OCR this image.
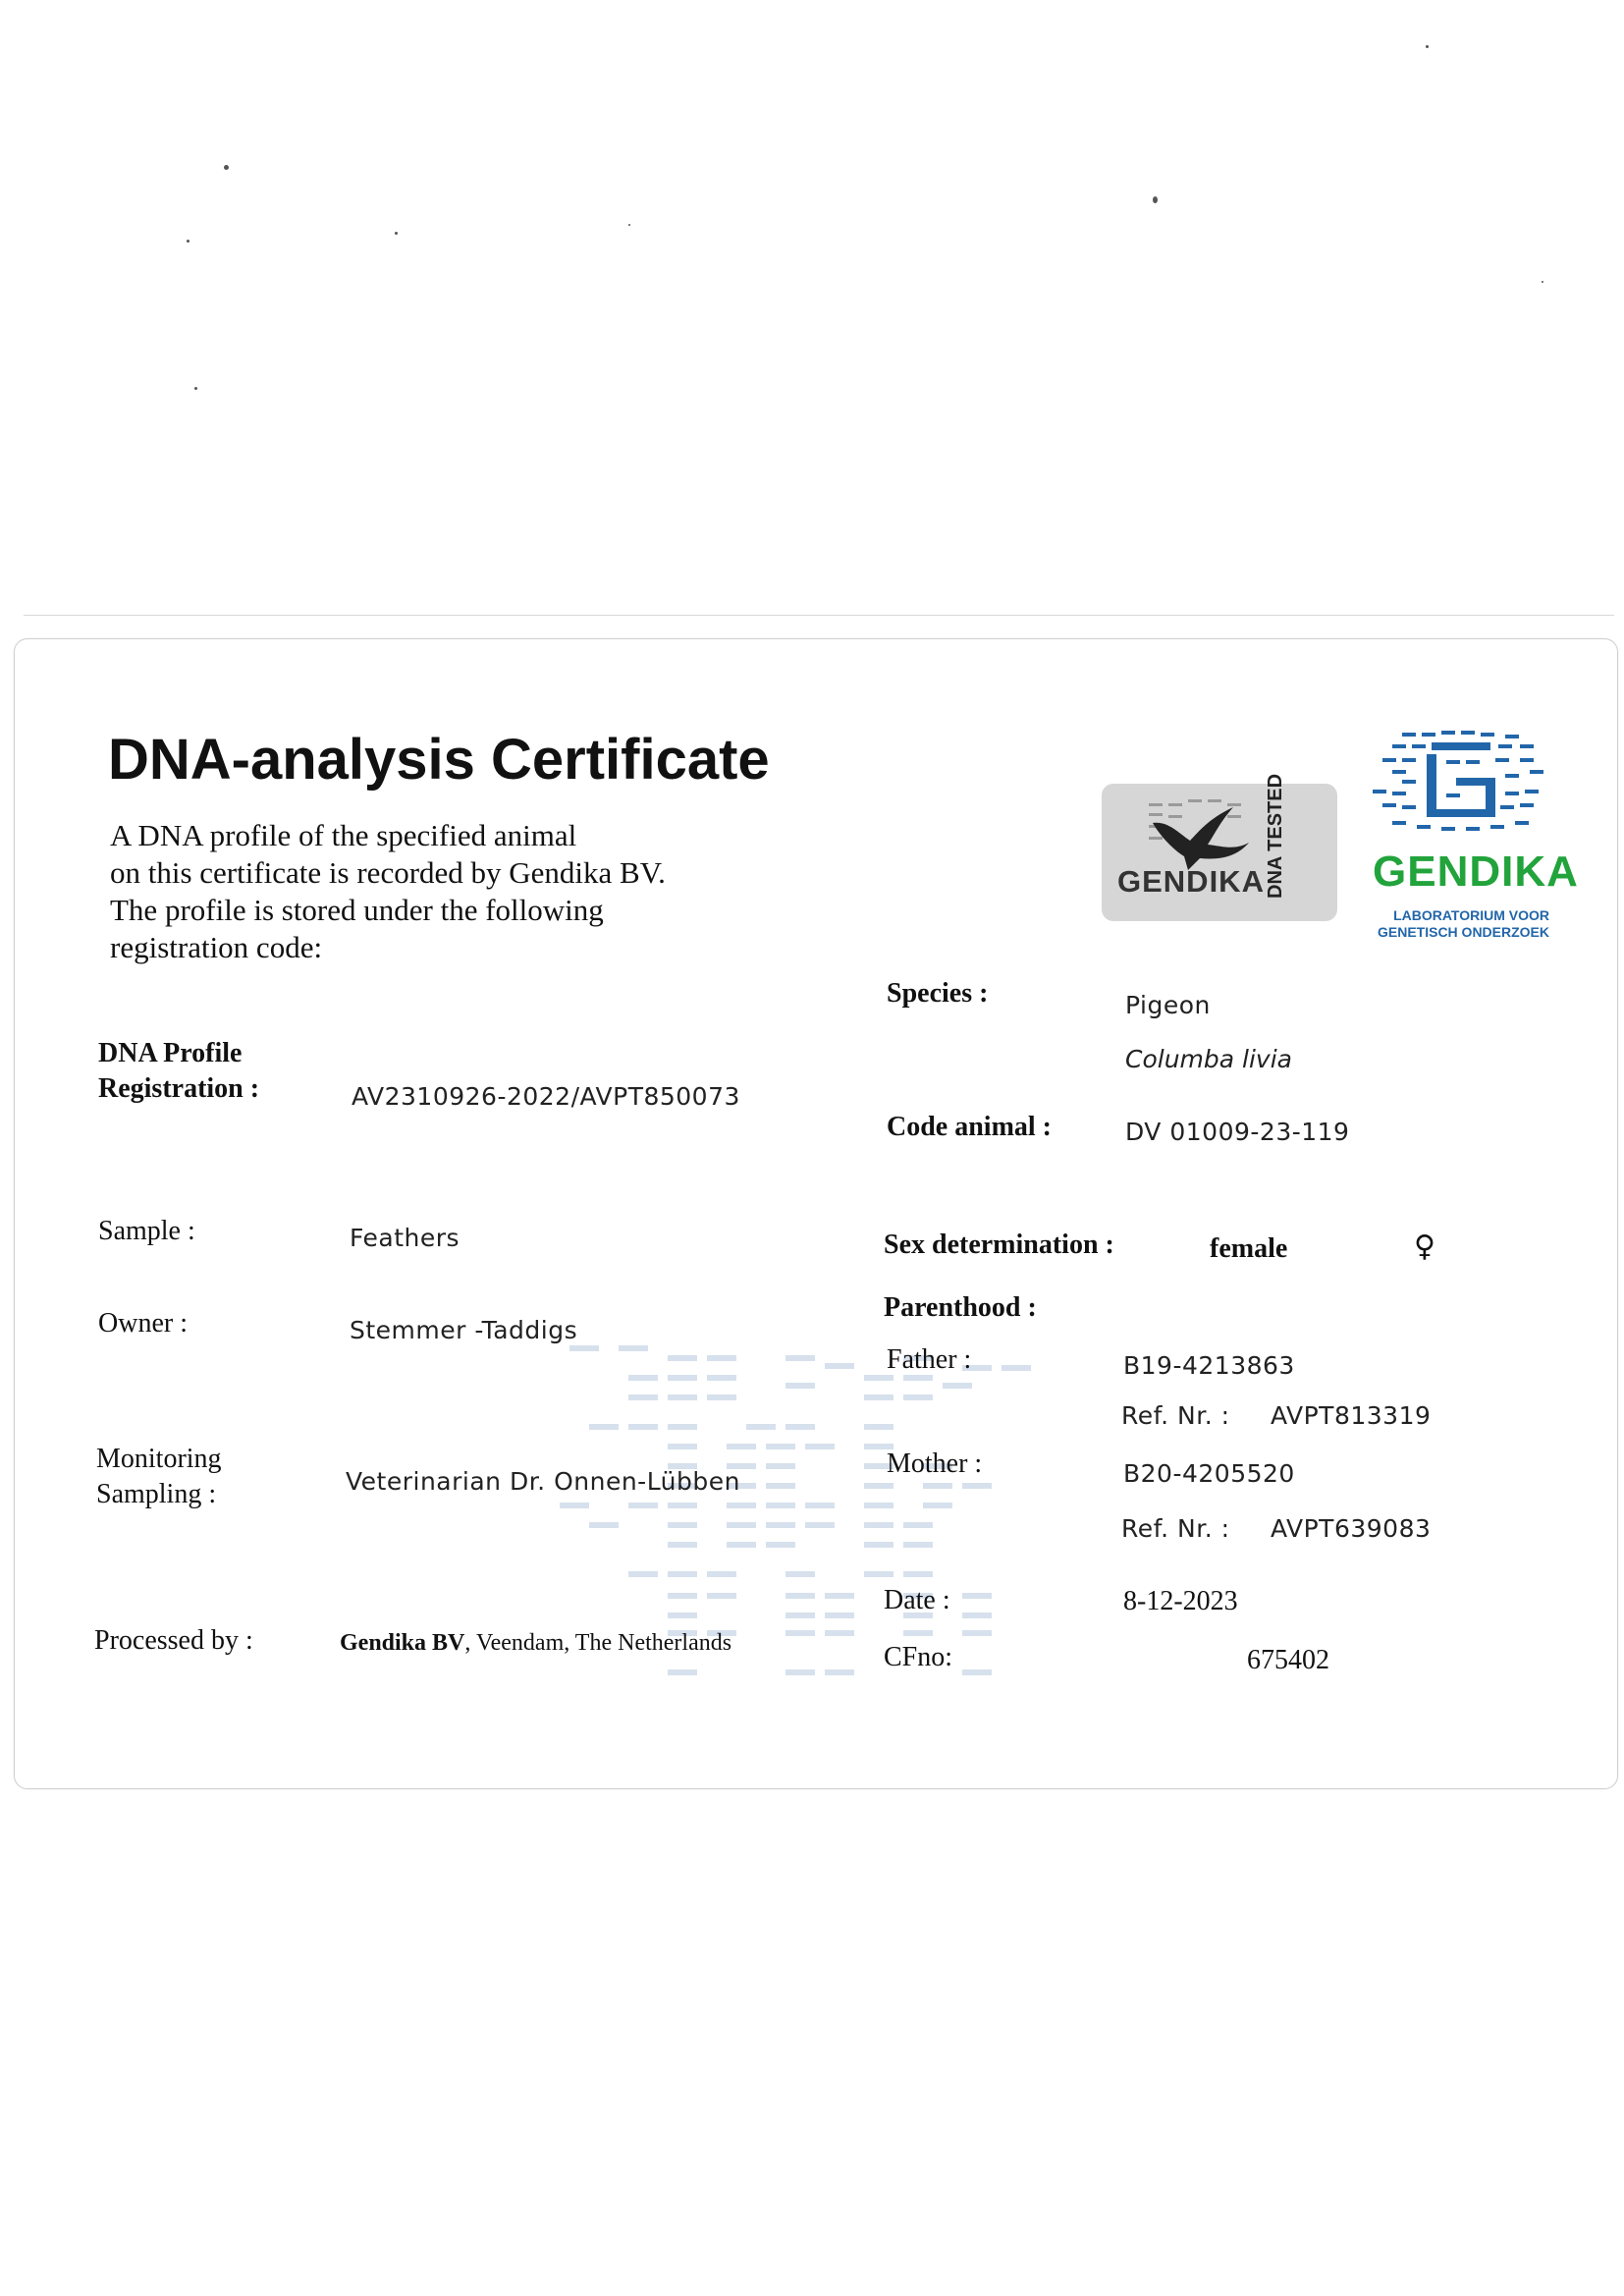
DNA-analysis Certificate
A DNA profile of the specified animal
on this certificate is recorded by Gendika BV.
The profile is stored under the following
registration code:
GENDIKA DNA TESTED GENDIKA
LABORATORIUM VOOR
GENETISCH ONDERZOEK
DNA Profile
Registration :	AV2310926-2022/AVPT850073
Sample :	Feathers
Owner :	Stemmer -Taddigs
Monitoring
Sampling :	Veterinarian Dr. Onnen-Lübben
Processed by :	Gendika BV, Veendam, The Netherlands
Species :	Pigeon
Columba livia
Code animal :	DV 01009-23-119
Sex determination :	female	♀
Parenthood :
Father :	B19-4213863
Ref. Nr. : AVPT813319
Mother :	B20-4205520
Ref. Nr. : AVPT639083
Date :	8-12-2023
CFno:	675402
